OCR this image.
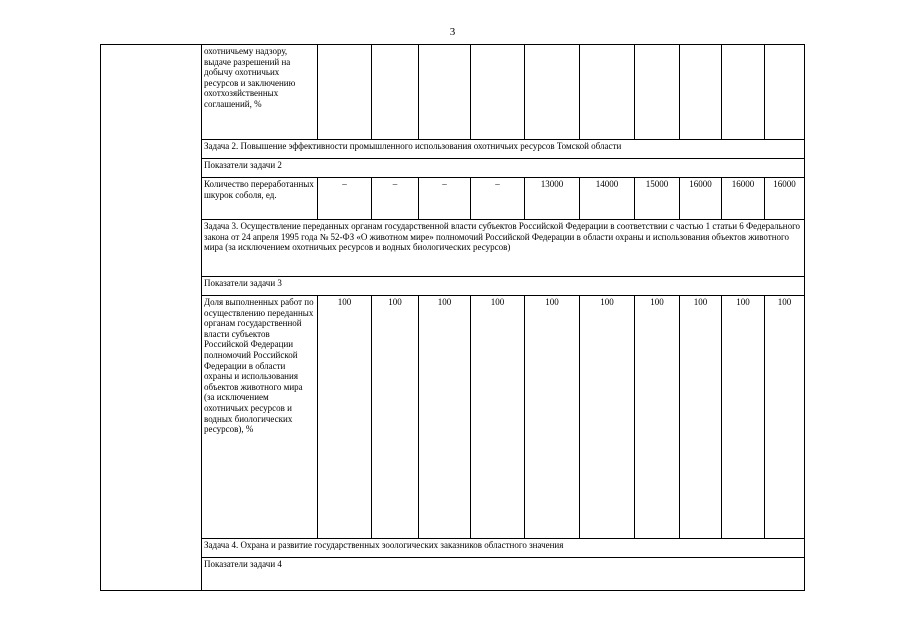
3
	охотничьему надзору, выдаче разрешений на добычу охотничьих ресурсов и заключению охотхозяйственных соглашений, %										
	Задача 2. Повышение эффективности промышленного использования охотничьих ресурсов Томской области										
	Показатели задачи 2										
	Количество переработанных шкурок соболя, ед.	–	–	–	–	13000	14000	15000	16000	16000	16000
	Задача 3. Осуществление переданных органам государственной власти субъектов Российской Федерации в соответствии с частью 1 статьи 6 Федерального закона от 24 апреля 1995 года № 52-ФЗ «О животном мире» полномочий Российской Федерации в области охраны и использования объектов животного мира (за исключением охотничьих ресурсов и водных биологических ресурсов)										
	Показатели задачи 3										
	Доля выполненных работ по осуществлению переданных органам государственной власти субъектов Российской Федерации полномочий Российской Федерации в области охраны и использования объектов животного мира (за исключением охотничьих ресурсов и водных биологических ресурсов), %	100	100	100	100	100	100	100	100	100	100
	Задача 4. Охрана и развитие государственных зоологических заказников областного значения										
	Показатели задачи 4										
